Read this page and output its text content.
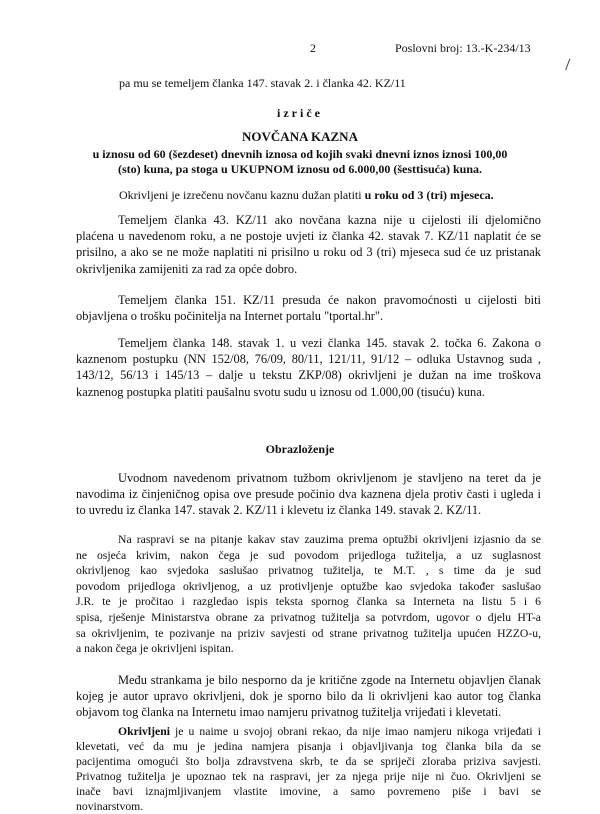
2	Poslovni broj: 13.-K-234/13
pa mu se temeljem članka 147. stavak 2. i članka 42. KZ/11
izriče
NOVČANA KAZNA
u iznosu od 60 (šezdeset) dnevnih iznosa od kojih svaki dnevni iznos iznosi 100,00
(sto) kuna, pa stoga u UKUPNOM iznosu od 6.000,00 (šesttisuća) kuna.
Okrivljeni je izrečenu novčanu kaznu dužan platiti u roku od 3 (tri) mjeseca.
Temeljem članka 43. KZ/11 ako novčana kazna nije u cijelosti ili djelomično
plaćena u navedenom roku, a ne postoje uvjeti iz članka 42. stavak 7. KZ/11 naplatit će se
prisilno, a ako se ne može naplatiti ni prisilno u roku od 3 (tri) mjeseca sud će uz pristanak
okrivljenika zamijeniti za rad za opće dobro.
Temeljem članka 151. KZ/11 presuda će nakon pravomoćnosti u cijelosti biti
objavljena o trošku počinitelja na Internet portalu "tportal.hr".
Temeljem članka 148. stavak 1. u vezi članka 145. stavak 2. točka 6. Zakona o
kaznenom postupku (NN 152/08, 76/09, 80/11, 121/11, 91/12 – odluka Ustavnog suda ,
143/12, 56/13 i 145/13 – dalje u tekstu ZKP/08) okrivljeni je dužan na ime troškova
kaznenog postupka platiti paušalnu svotu sudu u iznosu od 1.000,00 (tisuću) kuna.
Obrazloženje
Uvodnom navedenom privatnom tužbom okrivljenom je stavljeno na teret da je
navodima iz činjeničnog opisa ove presude počinio dva kaznena djela protiv časti i ugleda i
to uvredu iz članka 147. stavak 2. KZ/11 i klevetu iz članka 149. stavak 2. KZ/11.
Na raspravi se na pitanje kakav stav zauzima prema optužbi okrivljeni izjasnio da se
ne osjeća krivim, nakon čega je sud povodom prijedloga tužitelja, a uz suglasnost
okrivljenog kao svjedoka saslušao privatnog tužitelja, te M.T. , s time da je sud
povodom prijedloga okrivljenog, a uz protivljenje optužbe kao svjedoka također saslušao
J.R. te je pročitao i razgledao ispis teksta spornog članka sa Interneta na listu 5 i 6
spisa, rješenje Ministarstva obrane za privatnog tužitelja sa potvrdom, ugovor o djelu HT-a
sa okrivljenim, te pozivanje na priziv savjesti od strane privatnog tužitelja upućen HZZO-u,
a nakon čega je okrivljeni ispitan.
Među strankama je bilo nesporno da je kritične zgode na Internetu objavljen članak
kojeg je autor upravo okrivljeni, dok je sporno bilo da li okrivljeni kao autor tog članka
objavom tog članka na Internetu imao namjeru privatnog tužitelja vrijeđati i klevetati.
Okrivljeni je u naime u svojoj obrani rekao, da nije imao namjeru nikoga vrijeđati i
klevetati, već da mu je jedina namjera pisanja i objavljivanja tog članka bila da se
pacijentima omogući što bolja zdravstvena skrb, te da se spriječi zloraba priziva savjesti.
Privatnog tužitelja je upoznao tek na raspravi, jer za njega prije nije ni čuo. Okrivljeni se
inače bavi iznajmljivanjem vlastite imovine, a samo povremeno piše i bavi se
novinarstvom.
